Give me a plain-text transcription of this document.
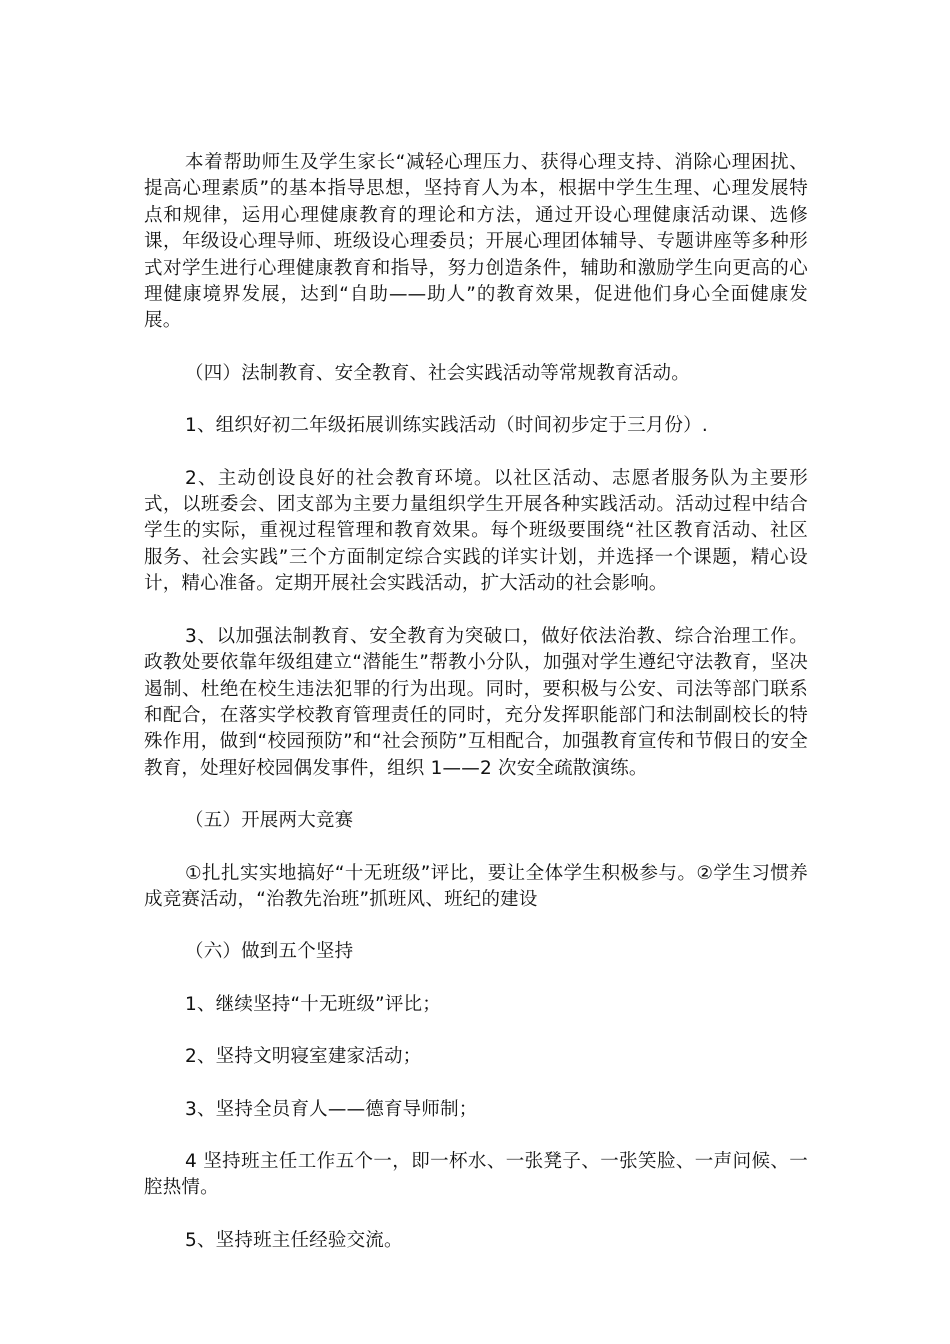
本着帮助师生及学生家长“减轻心理压力、获得心理支持、消除心理困扰、提高心理素质”的基本指导思想，坚持育人为本，根据中学生生理、心理发展特点和规律，运用心理健康教育的理论和方法，通过开设心理健康活动课、选修课，年级设心理导师、班级设心理委员；开展心理团体辅导、专题讲座等多种形式对学生进行心理健康教育和指导，努力创造条件，辅助和激励学生向更高的心理健康境界发展，达到“自助——助人”的教育效果，促进他们身心全面健康发展。

（四）法制教育、安全教育、社会实践活动等常规教育活动。

1、组织好初二年级拓展训练实践活动（时间初步定于三月份）.

2、主动创设良好的社会教育环境。以社区活动、志愿者服务队为主要形式，以班委会、团支部为主要力量组织学生开展各种实践活动。活动过程中结合学生的实际，重视过程管理和教育效果。每个班级要围绕“社区教育活动、社区服务、社会实践”三个方面制定综合实践的详实计划，并选择一个课题，精心设计，精心准备。定期开展社会实践活动，扩大活动的社会影响。

3、以加强法制教育、安全教育为突破口，做好依法治教、综合治理工作。政教处要依靠年级组建立“潜能生”帮教小分队，加强对学生遵纪守法教育，坚决遏制、杜绝在校生违法犯罪的行为出现。同时，要积极与公安、司法等部门联系和配合，在落实学校教育管理责任的同时，充分发挥职能部门和法制副校长的特殊作用，做到“校园预防”和“社会预防”互相配合，加强教育宣传和节假日的安全教育，处理好校园偶发事件，组织 1——2 次安全疏散演练。

（五）开展两大竞赛

①扎扎实实地搞好“十无班级”评比，要让全体学生积极参与。②学生习惯养成竞赛活动，“治教先治班”抓班风、班纪的建设

（六）做到五个坚持

1、继续坚持“十无班级”评比；

2、坚持文明寝室建家活动；

3、坚持全员育人——德育导师制；

4 坚持班主任工作五个一，即一杯水、一张凳子、一张笑脸、一声问候、一腔热情。

5、坚持班主任经验交流。
